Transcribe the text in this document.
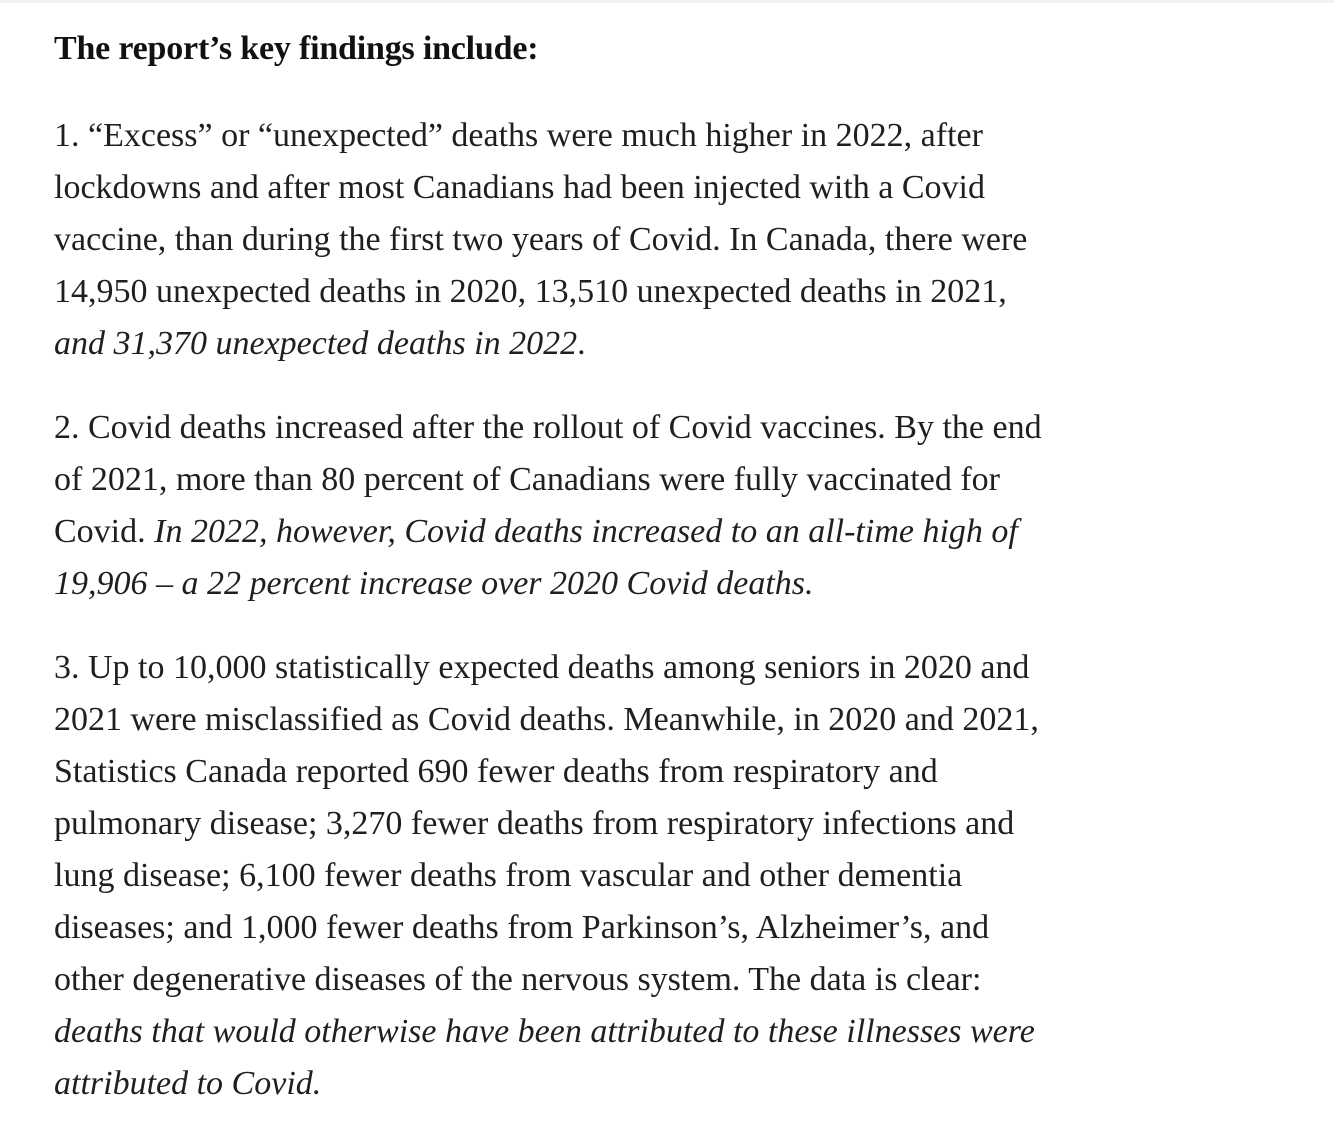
The report’s key findings include:

1. “Excess” or “unexpected” deaths were much higher in 2022, after
lockdowns and after most Canadians had been injected with a Covid
vaccine, than during the first two years of Covid. In Canada, there were
14,950 unexpected deaths in 2020, 13,510 unexpected deaths in 2021,
and 31,370 unexpected deaths in 2022.

2. Covid deaths increased after the rollout of Covid vaccines. By the end
of 2021, more than 80 percent of Canadians were fully vaccinated for
Covid. In 2022, however, Covid deaths increased to an all-time high of
19,906 – a 22 percent increase over 2020 Covid deaths.

3. Up to 10,000 statistically expected deaths among seniors in 2020 and
2021 were misclassified as Covid deaths. Meanwhile, in 2020 and 2021,
Statistics Canada reported 690 fewer deaths from respiratory and
pulmonary disease; 3,270 fewer deaths from respiratory infections and
lung disease; 6,100 fewer deaths from vascular and other dementia
diseases; and 1,000 fewer deaths from Parkinson’s, Alzheimer’s, and
other degenerative diseases of the nervous system. The data is clear:
deaths that would otherwise have been attributed to these illnesses were
attributed to Covid.
